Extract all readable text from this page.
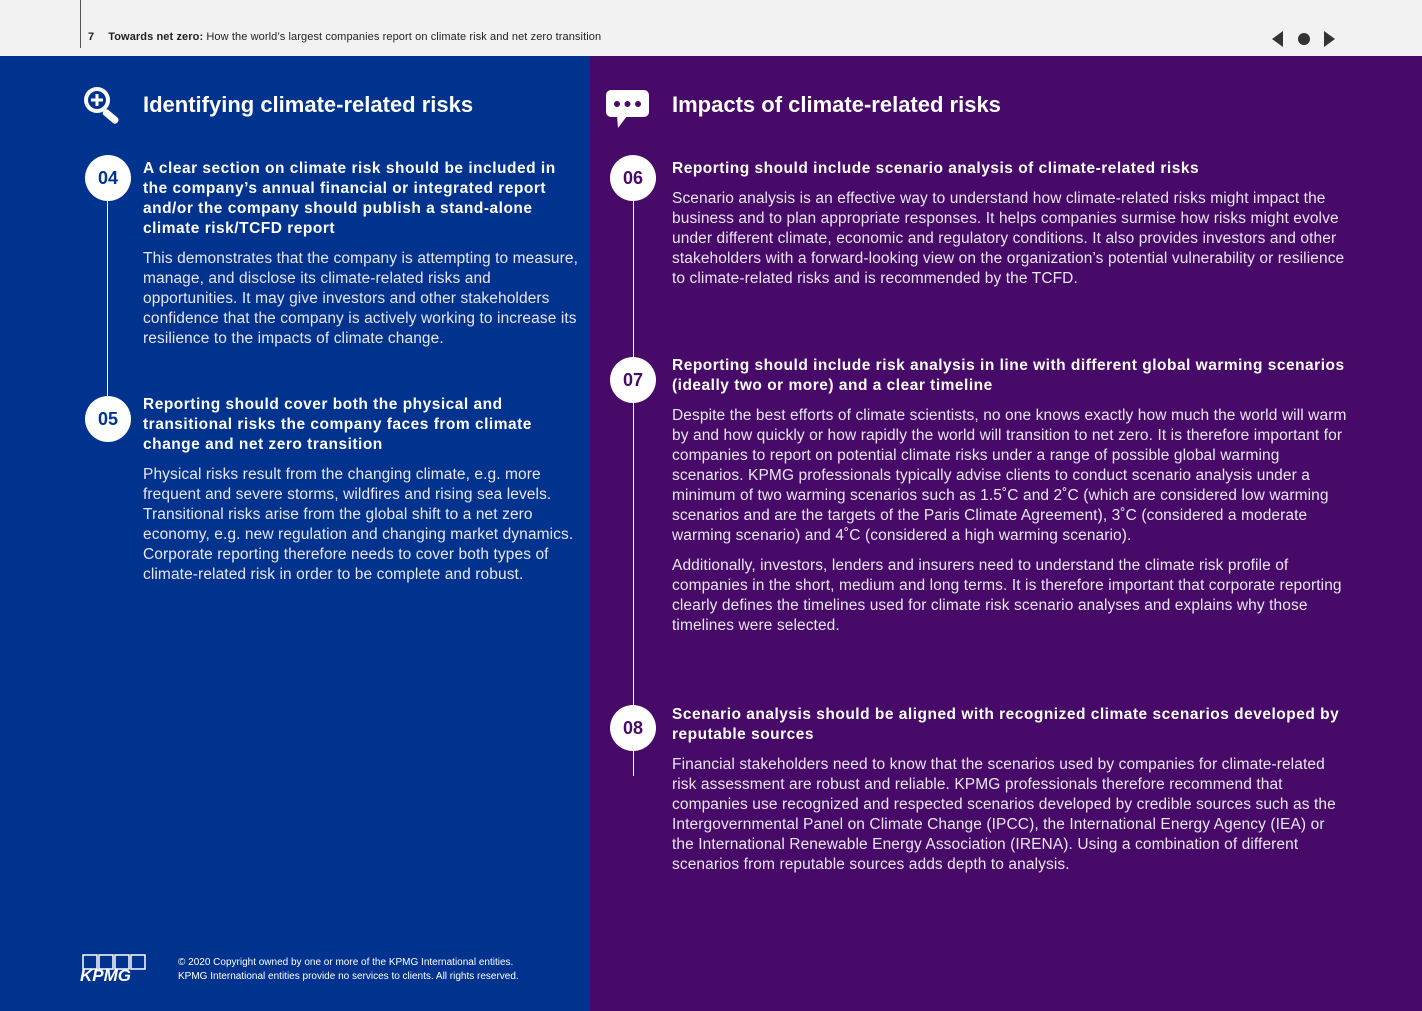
7 Towards net zero: How the world’s largest companies report on climate risk and net zero transition
Identifying climate-related risks
04	A clear section on climate risk should be included in the company’s annual financial or integrated report and/or the company should publish a stand-alone climate risk/TCFD report

This demonstrates that the company is attempting to measure, manage, and disclose its climate-related risks and opportunities. It may give investors and other stakeholders confidence that the company is actively working to increase its resilience to the impacts of climate change.

05
Reporting should cover both the physical and transitional risks the company faces from climate change and net zero transition

Physical risks result from the changing climate, e.g. more frequent and severe storms, wildfires and rising sea levels. Transitional risks arise from the global shift to a net zero economy, e.g. new regulation and changing market dynamics. Corporate reporting therefore needs to cover both types of climate-related risk in order to be complete and robust.

KPMG
© 2020 Copyright owned by one or more of the KPMG International entities.
KPMG International entities provide no services to clients. All rights reserved.
Impacts of climate-related risks
06	Reporting should include scenario analysis of climate-related risks

Scenario analysis is an effective way to understand how climate-related risks might impact the business and to plan appropriate responses. It helps companies surmise how risks might evolve under different climate, economic and regulatory conditions. It also provides investors and other stakeholders with a forward-looking view on the organization’s potential vulnerability or resilience to climate-related risks and is recommended by the TCFD.

07
Reporting should include risk analysis in line with different global warming scenarios (ideally two or more) and a clear timeline

Despite the best efforts of climate scientists, no one knows exactly how much the world will warm by and how quickly or how rapidly the world will transition to net zero. It is therefore important for companies to report on potential climate risks under a range of possible global warming scenarios. KPMG professionals typically advise clients to conduct scenario analysis under a minimum of two warming scenarios such as 1.5˚C and 2˚C (which are considered low warming scenarios and are the targets of the Paris Climate Agreement), 3˚C (considered a moderate warming scenario) and 4˚C (considered a high warming scenario).

Additionally, investors, lenders and insurers need to understand the climate risk profile of companies in the short, medium and long terms. It is therefore important that corporate reporting clearly defines the timelines used for climate risk scenario analyses and explains why those timelines were selected.

08
Scenario analysis should be aligned with recognized climate scenarios developed by reputable sources

Financial stakeholders need to know that the scenarios used by companies for climate-related risk assessment are robust and reliable. KPMG professionals therefore recommend that companies use recognized and respected scenarios developed by credible sources such as the Intergovernmental Panel on Climate Change (IPCC), the International Energy Agency (IEA) or the International Renewable Energy Association (IRENA). Using a combination of different scenarios from reputable sources adds depth to analysis.
